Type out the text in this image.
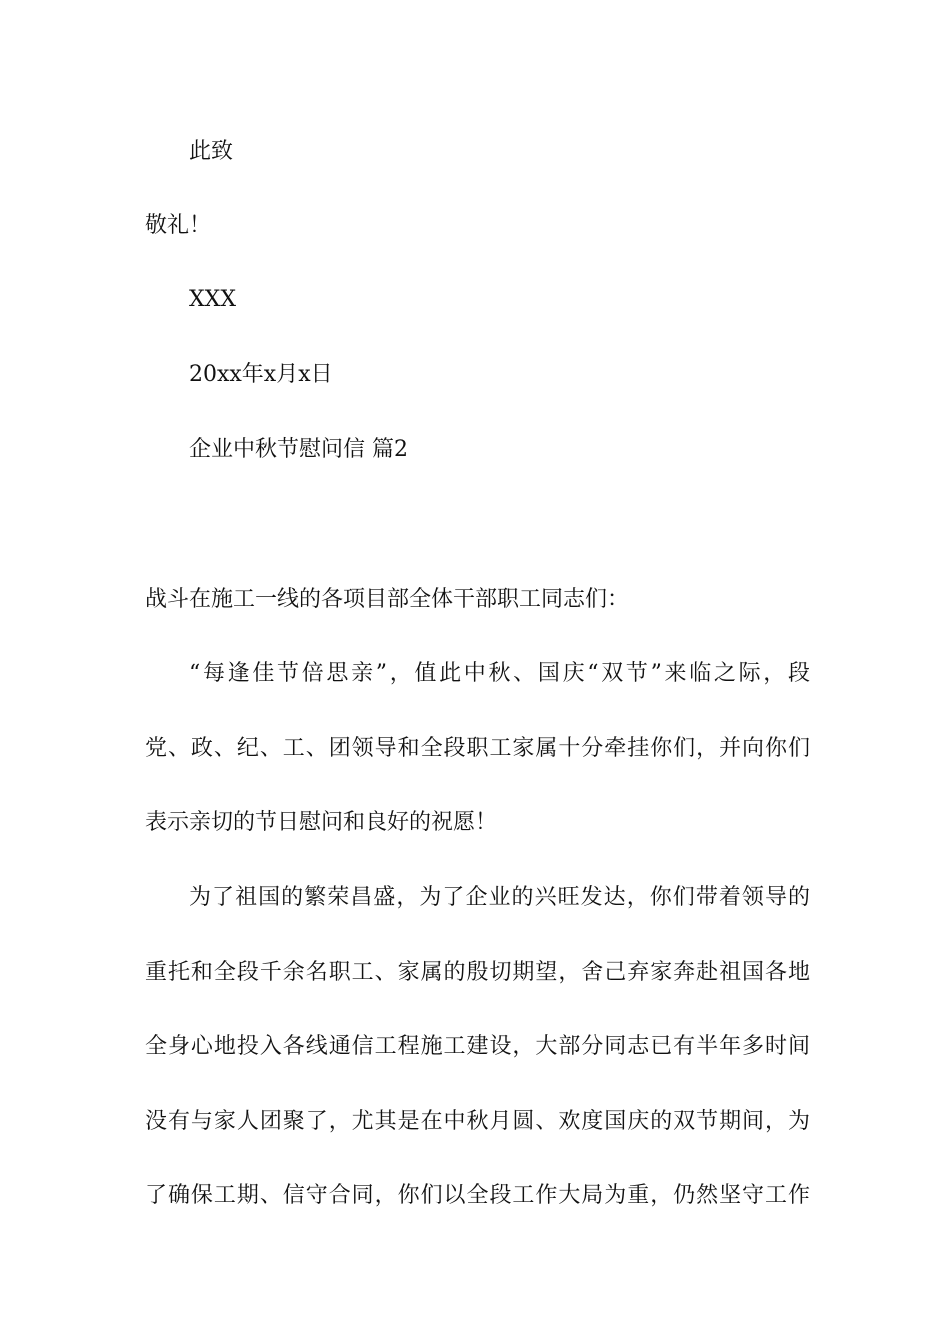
此致
敬礼！
XXX
20xx年x月x日
企业中秋节慰问信 篇2
战斗在施工一线的各项目部全体干部职工同志们：
“每逢佳节倍思亲”，值此中秋、国庆“双节”来临之际，段
党、政、纪、工、团领导和全段职工家属十分牵挂你们，并向你们
表示亲切的节日慰问和良好的祝愿！
为了祖国的繁荣昌盛，为了企业的兴旺发达，你们带着领导的
重托和全段千余名职工、家属的殷切期望，舍己弃家奔赴祖国各地
全身心地投入各线通信工程施工建设，大部分同志已有半年多时间
没有与家人团聚了，尤其是在中秋月圆、欢度国庆的双节期间，为
了确保工期、信守合同，你们以全段工作大局为重，仍然坚守工作
